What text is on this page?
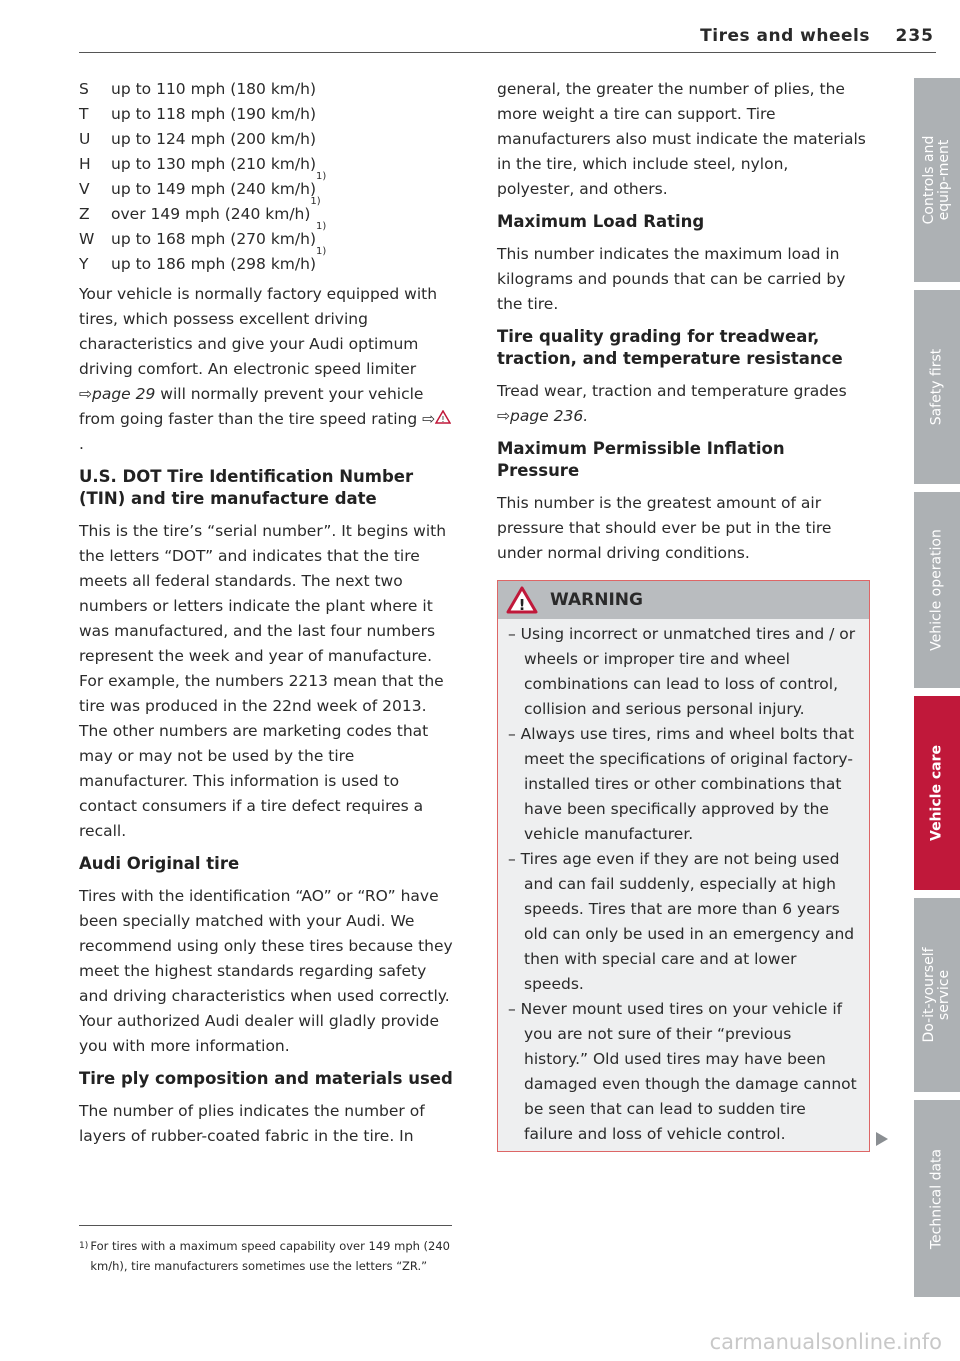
Tires and wheels 235
S	up to 110 mph (180 km/h)
T	up to 118 mph (190 km/h)
U	up to 124 mph (200 km/h)
H	up to 130 mph (210 km/h)
V	up to 149 mph (240 km/h)
1)
Z	over 149 mph (240 km/h)
1)
W	up to 168 mph (270 km/h)
1)
Y	up to 186 mph (298 km/h)
1)

Your vehicle is normally factory equipped with tires, which possess excellent driving characteristics and give your Audi optimum driving comfort. An electronic speed limiter ⇨page 29 will normally prevent your vehicle from going faster than the tire speed rating ⇨ !
.

U.S. DOT Tire Identification Number (TIN) and tire manufacture date

This is the tire’s “serial number”. It begins with the letters “DOT” and indicates that the tire meets all federal standards. The next two numbers or letters indicate the plant where it was manufactured, and the last four numbers represent the week and year of manufacture. For example, the numbers 2213 mean that the tire was produced in the 22nd week of 2013. The other numbers are marketing codes that may or may not be used by the tire manufacturer. This information is used to contact consumers if a tire defect requires a recall.

Audi Original tire

Tires with the identification “AO” or “RO” have been specially matched with your Audi. We recommend using only these tires because they meet the highest standards regarding safety and driving characteristics when used correctly. Your authorized Audi dealer will gladly provide you with more information.

Tire ply composition and materials used

The number of plies indicates the number of layers of rubber-coated fabric in the tire. In

general, the greater the number of plies, the more weight a tire can support. Tire manufacturers also must indicate the materials in the tire, which include steel, nylon, polyester, and others.

Maximum Load Rating

This number indicates the maximum load in kilograms and pounds that can be carried by the tire.

Tire quality grading for treadwear, traction, and temperature resistance

Tread wear, traction and temperature grades ⇨page 236.

Maximum Permissible Inflation Pressure

This number is the greatest amount of air pressure that should ever be put in the tire under normal driving conditions.

! WARNING
– Using incorrect or unmatched tires and / or wheels or improper tire and wheel combinations can lead to loss of control, collision and serious personal injury.
– Always use tires, rims and wheel bolts that meet the specifications of original factory-installed tires or other combinations that have been specifically approved by the vehicle manufacturer.
– Tires age even if they are not being used and can fail suddenly, especially at high speeds. Tires that are more than 6 years old can only be used in an emergency and then with special care and at lower speeds.
– Never mount used tires on your vehicle if you are not sure of their “previous history.” Old used tires may have been damaged even though the damage cannot be seen that can lead to sudden tire failure and loss of vehicle control.
1) For tires with a maximum speed capability over 149 mph (240 km/h), tire manufacturers sometimes use the letters “ZR.”
Controls and equip-ment
Safety first
Vehicle operation
Vehicle care
Do-it-yourself service
Technical data
carmanualsonline.info
